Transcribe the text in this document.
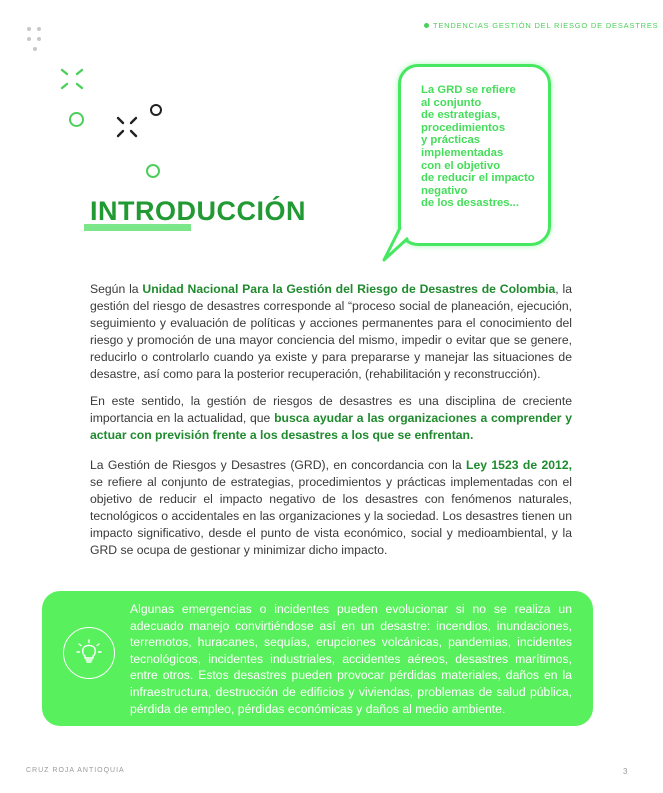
TENDENCIAS GESTIÓN DEL RIESGO DE DESASTRES
La GRD se refiere
al conjunto
de estrategias,
procedimientos
y prácticas
implementadas
con el objetivo
de reducir el impacto
negativo
de los desastres...
INTRODUCCIÓN

Según la Unidad Nacional Para la Gestión del Riesgo de Desastres de Colombia, la gestión del riesgo de desastres corresponde al “proceso social de planeación, ejecución, seguimiento y evaluación de políticas y acciones permanentes para el conocimiento del riesgo y promoción de una mayor conciencia del mismo, impedir o evitar que se genere, reducirlo o controlarlo cuando ya existe y para prepararse y manejar las situaciones de desastre, así como para la posterior recuperación, (rehabilitación y reconstrucción).

En este sentido, la gestión de riesgos de desastres es una disciplina de creciente importancia en la actualidad, que busca ayudar a las organizaciones a comprender y actuar con previsión frente a los desastres a los que se enfrentan.

La Gestión de Riesgos y Desastres (GRD), en concordancia con la Ley 1523 de 2012, se refiere al conjunto de estrategias, procedimientos y prácticas implementadas con el objetivo de reducir el impacto negativo de los desastres con fenómenos naturales, tecnológicos o accidentales en las organizaciones y la sociedad. Los desastres tienen un impacto significativo, desde el punto de vista económico, social y medioambiental, y la GRD se ocupa de gestionar y minimizar dicho impacto.

Algunas emergencias o incidentes pueden evolucionar si no se realiza un adecuado manejo convirtiéndose así en un desastre: incendios, inundaciones, terremotos, huracanes, sequías, erupciones volcánicas, pandemias, incidentes tecnológicos, incidentes industriales, accidentes aéreos, desastres marítimos, entre otros. Estos desastres pueden provocar pérdidas materiales, daños en la infraestructura, destrucción de edificios y viviendas, problemas de salud pública, pérdida de empleo, pérdidas económicas y daños al medio ambiente.

CRUZ ROJA ANTIOQUIA	3
